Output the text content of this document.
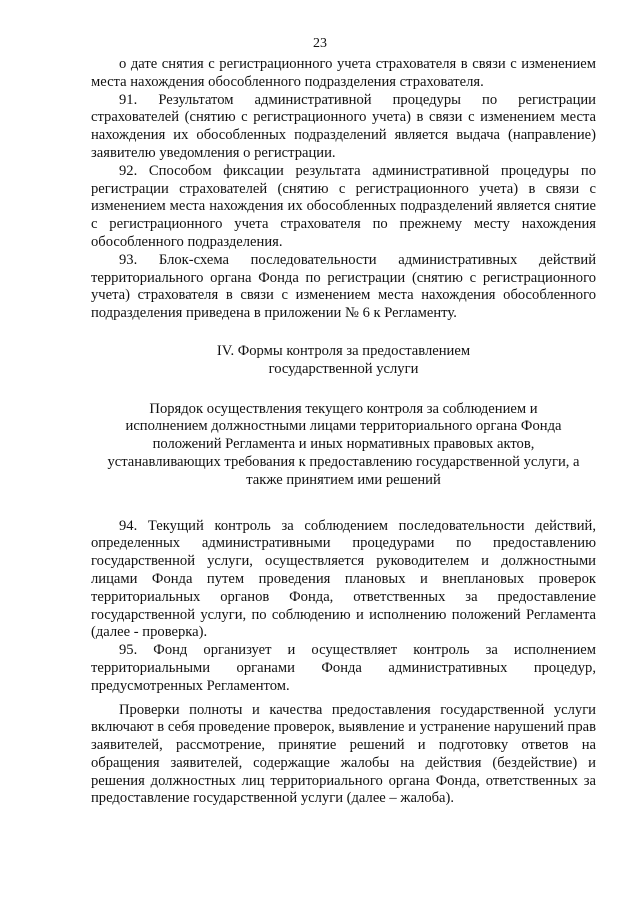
23

о дате снятия с регистрационного учета страхователя в связи с изменением места нахождения обособленного подразделения страхователя.

91. Результатом административной процедуры по регистрации страхователей (снятию с регистрационного учета) в связи с изменением места нахождения их обособленных подразделений является выдача (направление) заявителю уведомления о регистрации.

92. Способом фиксации результата административной процедуры по регистрации страхователей (снятию с регистрационного учета) в связи с изменением места нахождения их обособленных подразделений является снятие с регистрационного учета страхователя по прежнему месту нахождения обособленного подразделения.

93. Блок-схема последовательности административных действий территориального органа Фонда по регистрации (снятию с регистрационного учета) страхователя в связи с изменением места нахождения обособленного подразделения приведена в приложении № 6 к Регламенту.

IV. Формы контроля за предоставлением
государственной услуги
Порядок осуществления текущего контроля за соблюдением и
исполнением должностными лицами территориального органа Фонда
положений Регламента и иных нормативных правовых актов,
устанавливающих требования к предоставлению государственной услуги, а
также принятием ими решений

94. Текущий контроль за соблюдением последовательности действий, определенных административными процедурами по предоставлению государственной услуги, осуществляется руководителем и должностными лицами Фонда путем проведения плановых и внеплановых проверок территориальных органов Фонда, ответственных за предоставление государственной услуги, по соблюдению и исполнению положений Регламента (далее - проверка).

95. Фонд организует и осуществляет контроль за исполнением территориальными органами Фонда административных процедур, предусмотренных Регламентом.

Проверки полноты и качества предоставления государственной услуги включают в себя проведение проверок, выявление и устранение нарушений прав заявителей, рассмотрение, принятие решений и подготовку ответов на обращения заявителей, содержащие жалобы на действия (бездействие) и решения должностных лиц территориального органа Фонда, ответственных за предоставление государственной услуги (далее – жалоба).
